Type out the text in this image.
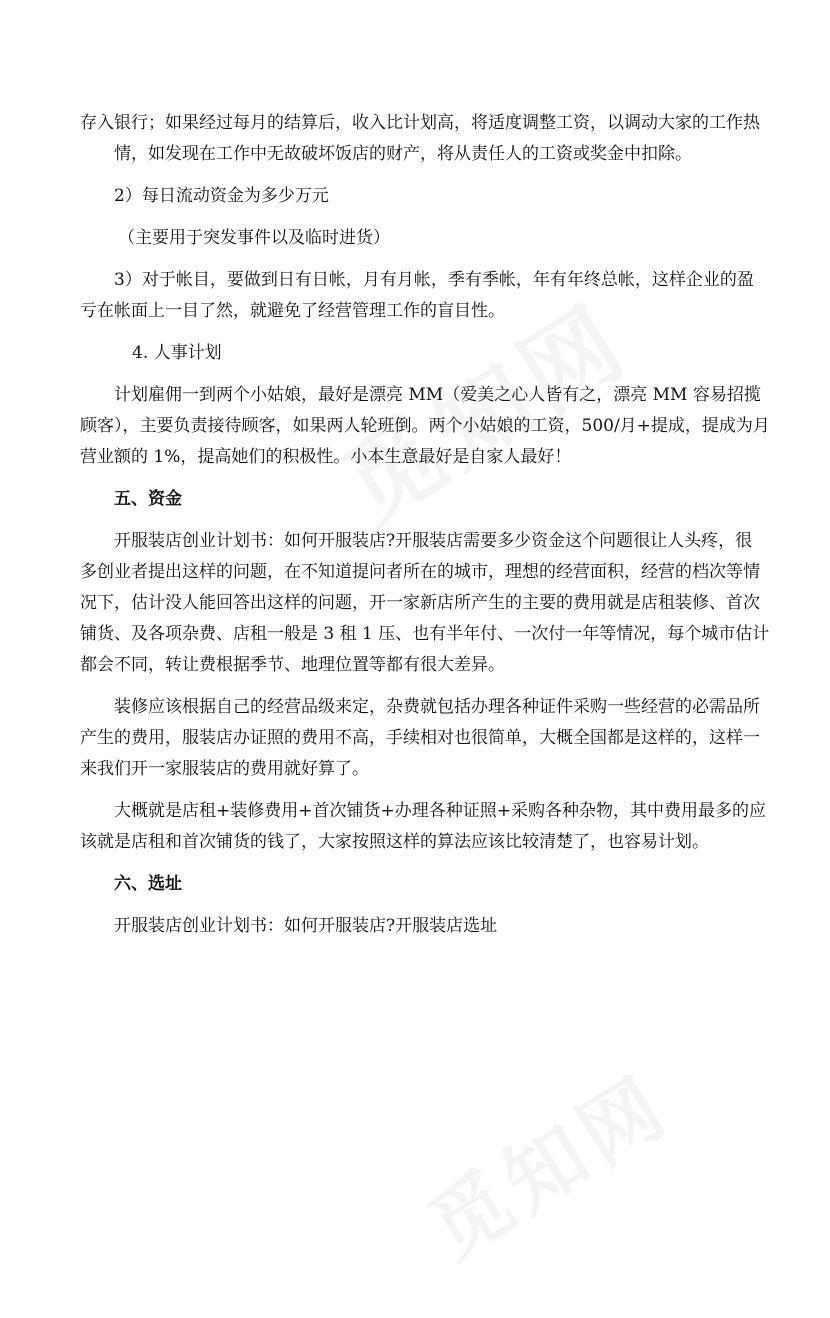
存入银行；如果经过每月的结算后，收入比计划高，将适度调整工资，以调动大家的工作热

情，如发现在工作中无故破坏饭店的财产，将从责任人的工资或奖金中扣除。

2）每日流动资金为多少万元

（主要用于突发事件以及临时进货）

3）对于帐目，要做到日有日帐，月有月帐，季有季帐，年有年终总帐，这样企业的盈

亏在帐面上一目了然，就避免了经营管理工作的盲目性。

4. 人事计划

计划雇佣一到两个小姑娘，最好是漂亮 MM（爱美之心人皆有之，漂亮 MM 容易招揽

顾客），主要负责接待顾客，如果两人轮班倒。两个小姑娘的工资，500/月+提成，提成为月

营业额的 1%，提高她们的积极性。小本生意最好是自家人最好！

五、资金

开服装店创业计划书：如何开服装店?开服装店需要多少资金这个问题很让人头疼，很

多创业者提出这样的问题，在不知道提问者所在的城市，理想的经营面积，经营的档次等情

况下，估计没人能回答出这样的问题，开一家新店所产生的主要的费用就是店租装修、首次

铺货、及各项杂费、店租一般是 3 租 1 压、也有半年付、一次付一年等情况，每个城市估计

都会不同，转让费根据季节、地理位置等都有很大差异。

装修应该根据自己的经营品级来定，杂费就包括办理各种证件采购一些经营的必需品所

产生的费用，服装店办证照的费用不高，手续相对也很简单，大概全国都是这样的，这样一

来我们开一家服装店的费用就好算了。

大概就是店租+装修费用+首次铺货+办理各种证照+采购各种杂物，其中费用最多的应

该就是店租和首次铺货的钱了，大家按照这样的算法应该比较清楚了，也容易计划。

六、选址

开服装店创业计划书：如何开服装店?开服装店选址
